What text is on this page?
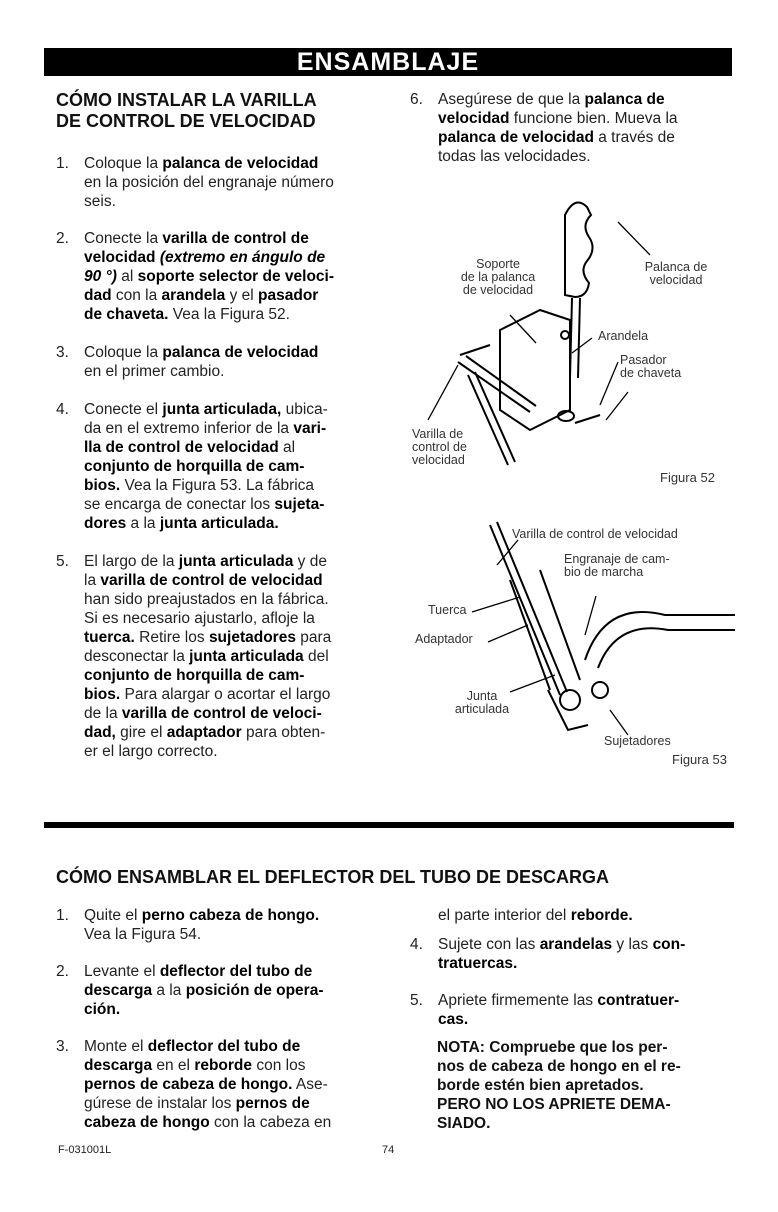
ENSAMBLAJE
CÓMO INSTALAR LA VARILLA
DE CONTROL DE VELOCIDAD
1. Coloque la palanca de velocidad
en la posición del engranaje número
seis.
2. Conecte la varilla de control de
velocidad (extremo en ángulo de
90 °) al soporte selector de veloci-
dad con la arandela y el pasador
de chaveta. Vea la Figura 52.
3. Coloque la palanca de velocidad
en el primer cambio.
4. Conecte el junta articulada, ubica-
da en el extremo inferior de la vari-
lla de control de velocidad al
conjunto de horquilla de cam-
bios. Vea la Figura 53. La fábrica
se encarga de conectar los sujeta-
dores a la junta articulada.
5. El largo de la junta articulada y de
la varilla de control de velocidad
han sido preajustados en la fábrica.
Si es necesario ajustarlo, afloje la
tuerca. Retire los sujetadores para
desconectar la junta articulada del
conjunto de horquilla de cam-
bios. Para alargar o acortar el largo
de la varilla de control de veloci-
dad, gire el adaptador para obten-
er el largo correcto.
6. Asegúrese de que la palanca de
velocidad funcione bien. Mueva la
palanca de velocidad a través de
todas las velocidades.
Soporte
de la palanca
de velocidad
Palanca de
velocidad
Arandela
Pasador
de chaveta
Varilla de
control de
velocidad
Figura 52
Varilla de control de velocidad
Engranaje de cam-
bio de marcha
Tuerca
Adaptador
Junta
articulada
Sujetadores
Figura 53
CÓMO ENSAMBLAR EL DEFLECTOR DEL TUBO DE DESCARGA
1. Quite el perno cabeza de hongo.
Vea la Figura 54.
2. Levante el deflector del tubo de
descarga a la posición de opera-
ción.
3. Monte el deflector del tubo de
descarga en el reborde con los
pernos de cabeza de hongo. Ase-
gúrese de instalar los pernos de
cabeza de hongo con la cabeza en
el parte interior del reborde.
4. Sujete con las arandelas y las con-
tratuercas.
5. Apriete firmemente las contratuer-
cas.
NOTA: Compruebe que los per-
nos de cabeza de hongo en el re-
borde estén bien apretados.
PERO NO LOS APRIETE DEMA-
SIADO.
F-031001L	74
